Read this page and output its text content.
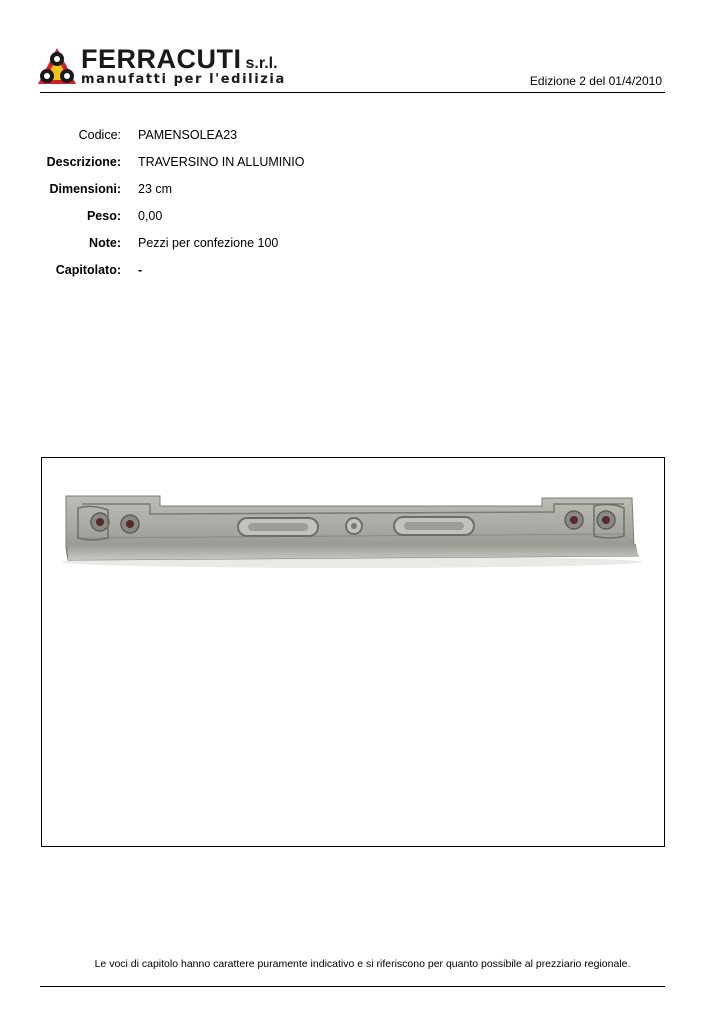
FERRACUTI s.r.l.
manufatti per l'edilizia	Edizione 2 del 01/4/2010
Codice: PAMENSOLEA23
Descrizione: TRAVERSINO IN ALLUMINIO
Dimensioni: 23 cm
Peso: 0,00
Note: Pezzi per confezione 100
Capitolato: -
Le voci di capitolo hanno carattere puramente indicativo e si riferiscono per quanto possibile al prezziario regionale.
